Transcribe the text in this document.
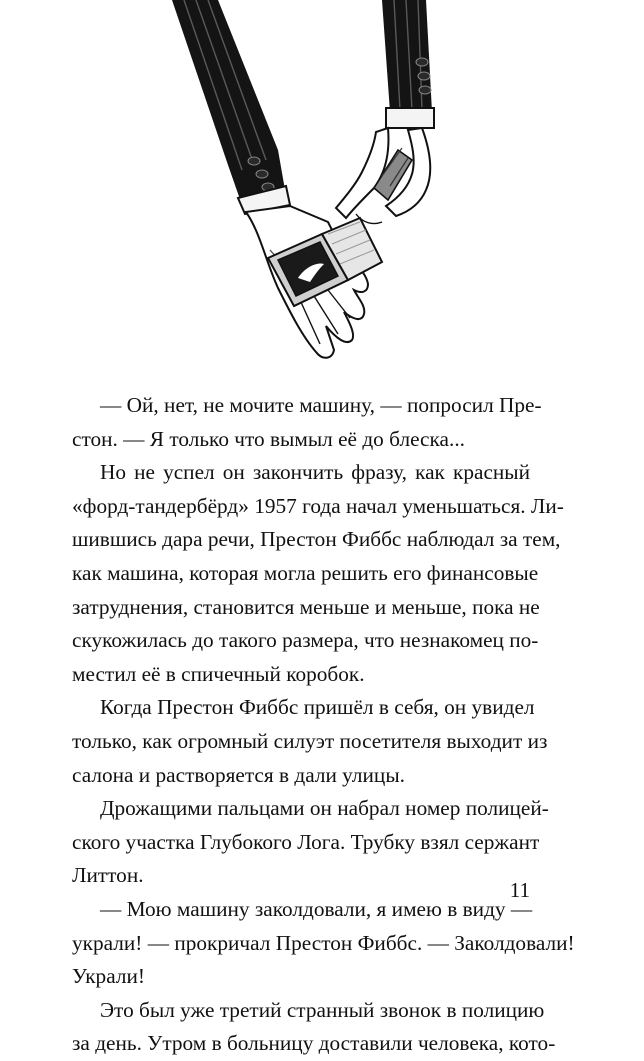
— Ой, нет, не мочите машину, — попросил Пре-
стон. — Я только что вымыл её до блеска...
Но не успел он закончить фразу, как красный
«форд-тандербёрд» 1957 года начал уменьшаться. Ли-
шившись дара речи, Престон Фиббс наблюдал за тем,
как машина, которая могла решить его финансовые
затруднения, становится меньше и меньше, пока не
скукожилась до такого размера, что незнакомец по-
местил её в спичечный коробок.
Когда Престон Фиббс пришёл в себя, он увидел
только, как огромный силуэт посетителя выходит из
салона и растворяется в дали улицы.
Дрожащими пальцами он набрал номер полицей-
ского участка Глубокого Лога. Трубку взял сержант
Литтон.
— Мою машину заколдовали, я имею в виду —
украли! — прокричал Престон Фиббс. — Заколдовали!
Украли!
Это был уже третий странный звонок в полицию
за день. Утром в больницу доставили человека, кото-
11
